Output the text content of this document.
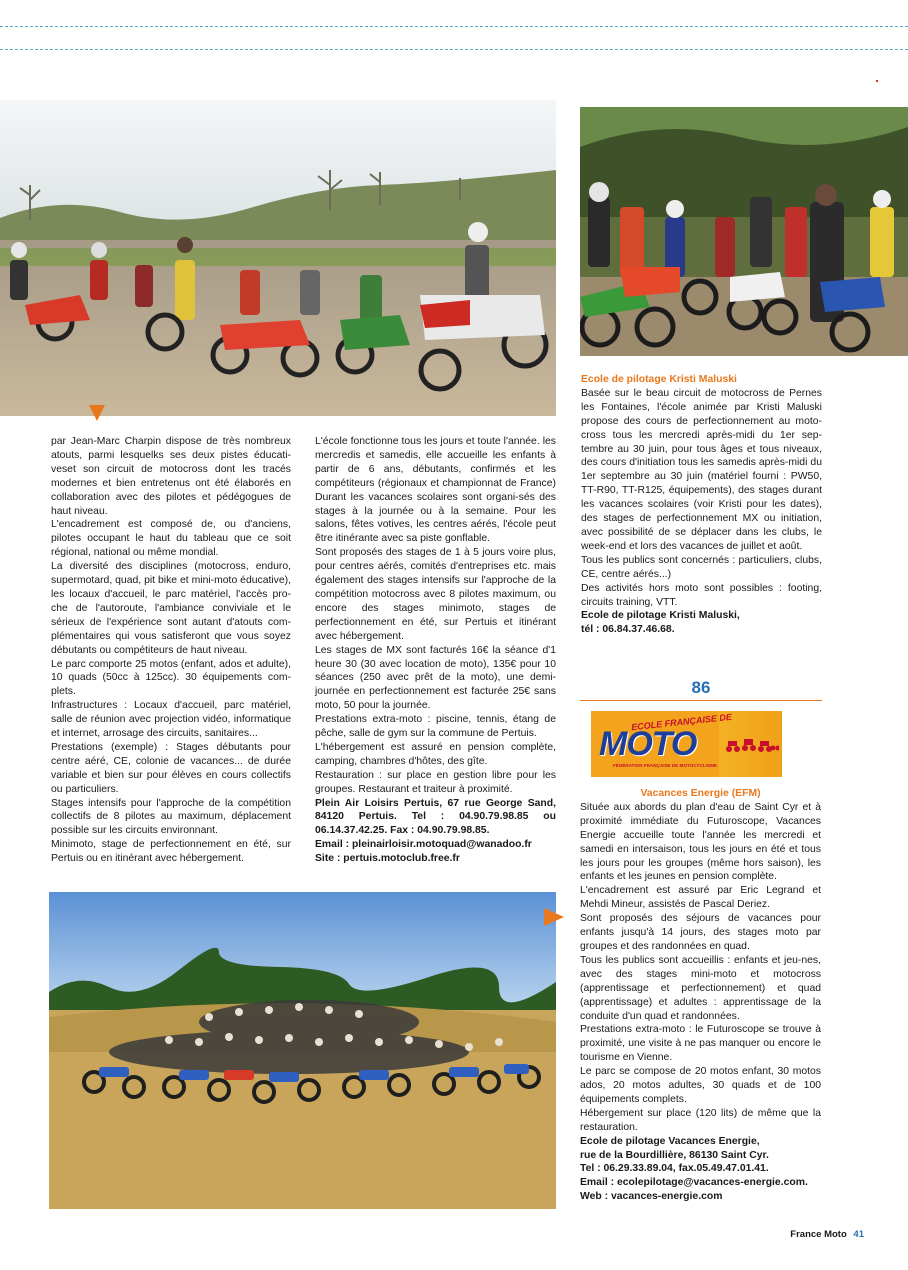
par Jean-Marc Charpin dispose de très nombreux atouts, parmi lesquelks ses deux pistes éducati-veset son circuit de motocross dont les tracés modernes et bien entretenus ont été élaborés en collaboration avec des pilotes et pédégogues de haut niveau.

L'encadrement est composé de, ou d'anciens, pilotes occupant le haut du tableau que ce soit régional, national ou même mondial.

La diversité des disciplines (motocross, enduro, supermotard, quad, pit bike et mini-moto éducative), les locaux d'accueil, le parc matériel, l'accès pro-che de l'autoroute, l'ambiance conviviale et le sérieux de l'expérience sont autant d'atouts com-plémentaires qui vous satisferont que vous soyez débutants ou compétiteurs de haut niveau.

Le parc comporte 25 motos (enfant, ados et adulte), 10 quads (50cc à 125cc). 30 équipements com-plets.

Infrastructures : Locaux d'accueil, parc matériel, salle de réunion avec projection vidéo, informatique et internet, arrosage des circuits, sanitaires...

Prestations (exemple) : Stages débutants pour centre aéré, CE, colonie de vacances... de durée variable et bien sur pour élèves en cours collectifs ou particuliers.

Stages intensifs pour l'approche de la compétition collectifs de 8 pilotes au maximum, déplacement possible sur les circuits environnant.

Minimoto, stage de perfectionnement en été, sur Pertuis ou en itinérant avec hébergement.

L'école fonctionne tous les jours et toute l'année. les mercredis et samedis, elle accueille les enfants à partir de 6 ans, débutants, confirmés et les compétiteurs (régionaux et championnat de France) Durant les vacances scolaires sont organi-sés des stages à la journée ou à la semaine. Pour les salons, fêtes votives, les centres aérés, l'école peut être itinérante avec sa piste gonflable.

Sont proposés des stages de 1 à 5 jours voire plus, pour centres aérés, comités d'entreprises etc. mais également des stages intensifs sur l'approche de la compétition motocross avec 8 pilotes maximum, ou encore des stages minimoto, stages de perfectionnement en été, sur Pertuis et itinérant avec hébergement.

Les stages de MX sont facturés 16€ la séance d'1 heure 30 (30 avec location de moto), 135€ pour 10 séances (250 avec prêt de la moto), une demi-journée en perfectionnement est facturée 25€ sans moto, 50 pour la journée.

Prestations extra-moto : piscine, tennis, étang de pêche, salle de gym sur la commune de Pertuis.

L'hébergement est assuré en pension complète, camping, chambres d'hôtes, des gîte.

Restauration : sur place en gestion libre pour les groupes. Restaurant et traiteur à proximité.

Plein Air Loisirs Pertuis, 67 rue George Sand, 84120 Pertuis. Tel : 04.90.79.98.85 ou 06.14.37.42.25. Fax : 04.90.79.98.85.

Email : pleinairloisir.motoquad@wanadoo.fr

Site : pertuis.motoclub.free.fr

Ecole de pilotage Kristi Maluski

Basée sur le beau circuit de motocross de Pernes les Fontaines, l'école animée par Kristi Maluski propose des cours de perfectionnement au moto-cross tous les mercredi après-midi du 1er sep-tembre au 30 juin, pour tous âges et tous niveaux, des cours d'initiation tous les samedis après-midi du 1er septembre au 30 juin (matériel fourni : PW50, TT-R90, TT-R125, équipements), des stages durant les vacances scolaires (voir Kristi pour les dates), des stages de perfectionnement MX ou initiation, avec possibilité de se déplacer dans les clubs, le week-end et lors des vacances de juillet et août.

Tous les publics sont concernés : particuliers, clubs, CE, centre aérés...)

Des activités hors moto sont possibles : footing, circuits training, VTT.

Ecole de pilotage Kristi Maluski,

tél : 06.84.37.46.68.

86
ECOLE FRANÇAISE DE
MOTO
FÉDÉRATION FRANÇAISE DE MOTOCYCLISME

Vacances Energie (EFM)

Située aux abords du plan d'eau de Saint Cyr et à proximité immédiate du Futuroscope, Vacances Energie accueille toute l'année les mercredi et samedi en intersaison, tous les jours en été et tous les jours pour les groupes (même hors saison), les enfants et les jeunes en pension complète.

L'encadrement est assuré par Eric Legrand et Mehdi Mineur, assistés de Pascal Deriez.

Sont proposés des séjours de vacances pour enfants jusqu'à 14 jours, des stages moto par groupes et des randonnées en quad.

Tous les publics sont accueillis : enfants et jeu-nes, avec des stages mini-moto et motocross (apprentissage et perfectionnement) et quad (apprentissage) et adultes : apprentissage de la conduite d'un quad et randonnées.

Prestations extra-moto : le Futuroscope se trouve à proximité, une visite à ne pas manquer ou encore le tourisme en Vienne.

Le parc se compose de 20 motos enfant, 30 motos ados, 20 motos adultes, 30 quads et de 100 équipements complets.

Hébergement sur place (120 lits) de même que la restauration.

Ecole de pilotage Vacances Energie,

rue de la Bourdillière, 86130 Saint Cyr.

Tel : 06.29.33.89.04, fax.05.49.47.01.41.

Email : ecolepilotage@vacances-energie.com.

Web : vacances-energie.com

France Moto 41
